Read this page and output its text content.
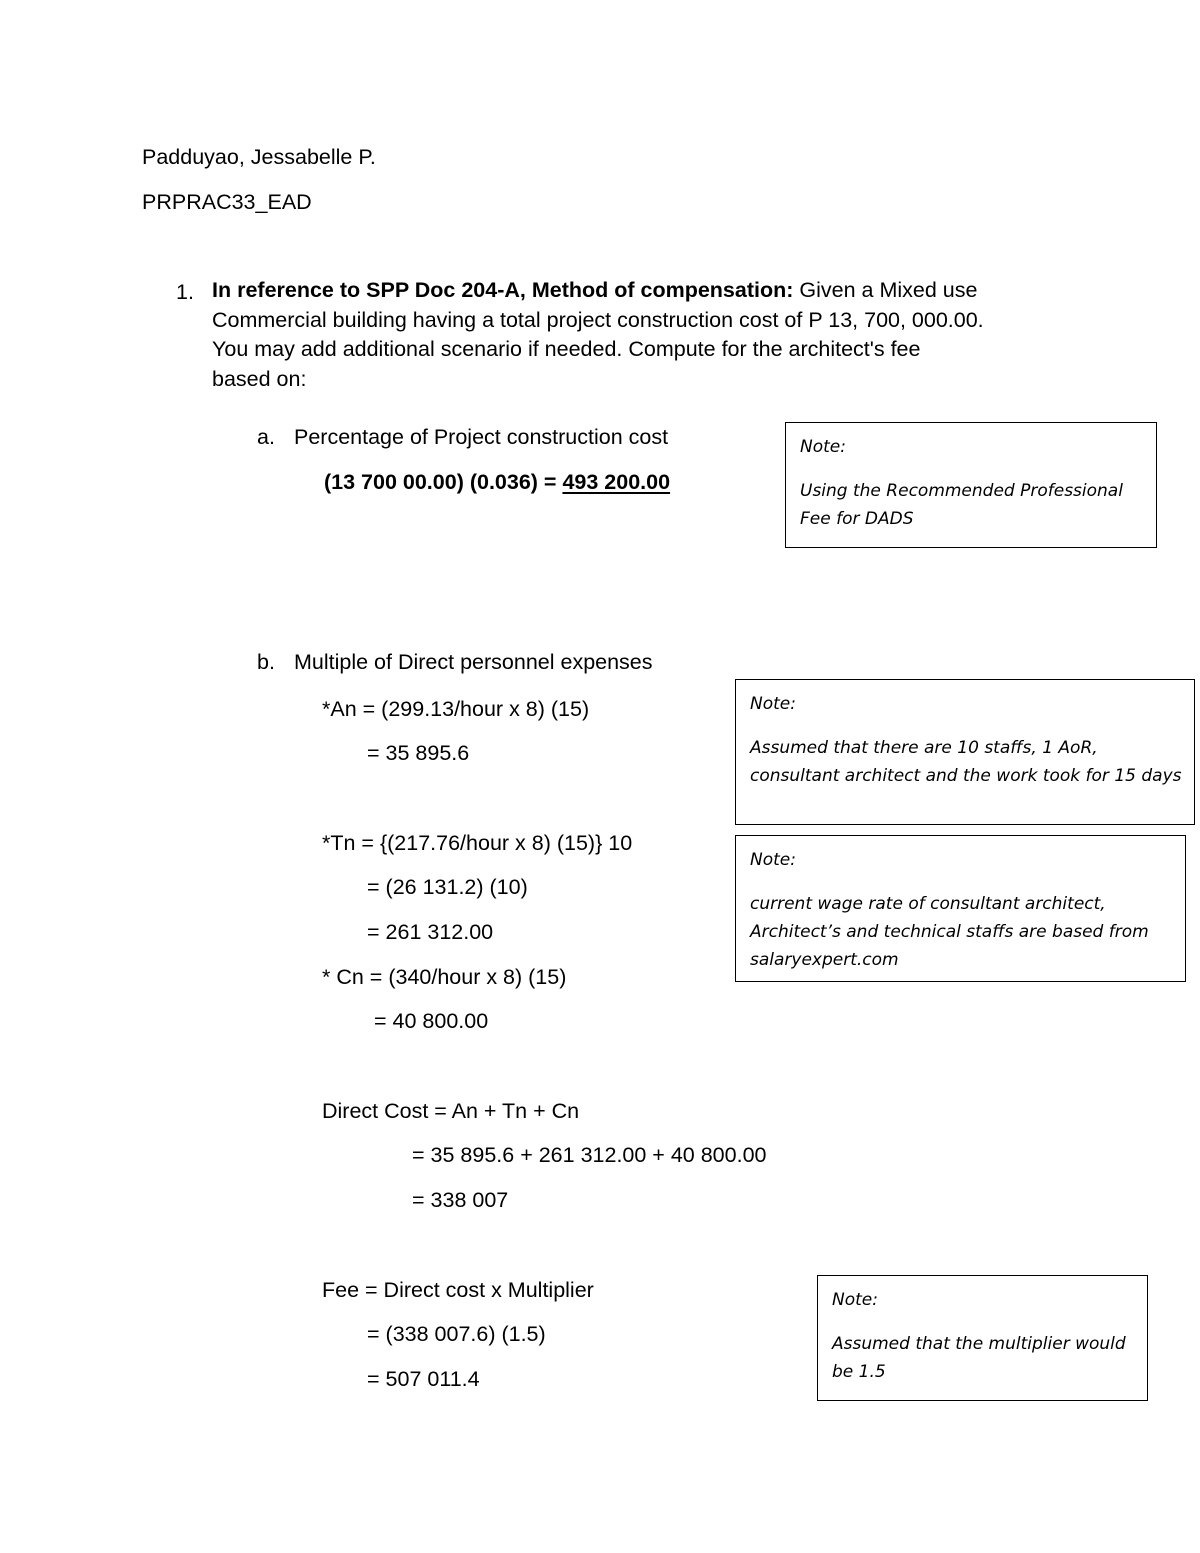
Padduyao, Jessabelle P.
PRPRAC33_EAD
1. In reference to SPP Doc 204-A, Method of compensation: Given a Mixed use
Commercial building having a total project construction cost of P 13, 700, 000.00.
You may add additional scenario if needed. Compute for the architect's fee
based on:
a. Percentage of Project construction cost
(13 700 00.00) (0.036) = 493 200.00
Note:
Using the Recommended Professional Fee for DADS
b. Multiple of Direct personnel expenses
*An = (299.13/hour x 8) (15)
= 35 895.6
*Tn = {(217.76/hour x 8) (15)} 10
= (26 131.2) (10)
= 261 312.00
* Cn = (340/hour x 8) (15)
= 40 800.00
Direct Cost = An + Tn + Cn
= 35 895.6 + 261 312.00 + 40 800.00
= 338 007
Fee = Direct cost x Multiplier
= (338 007.6) (1.5)
= 507 011.4
Note:
Assumed that there are 10 staffs, 1 AoR, consultant architect and the work took for 15 days
Note:
current wage rate of consultant architect, Architect’s and technical staffs are based from salaryexpert.com
Note:
Assumed that the multiplier would be 1.5
